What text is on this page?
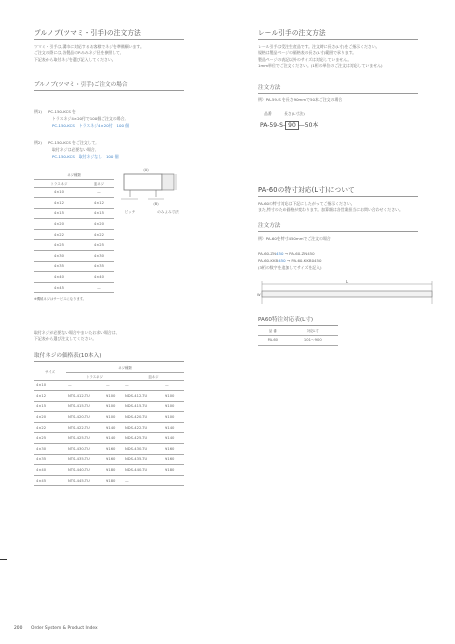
プルノブ(ツマミ・引手)の注文方法
ツマミ・引手は,溝巾に対応するお客様でネジを準備願います。
ご注文の際には,各製品のP.みみネジ径を参照して,
下記表から取付ネジを選び記入してください。
プルノブ(ツマミ・引手)ご注文の場合
例1) PC-150-KCS を
トラスネジ4×20付で100個ご注文の場合,
PC-150-KCS　トラスネジ4×20付　100 個
例2) PC-150-KCS をご注文して,
取付ネジは必要ない場合,
PC-150-KCS　取付ネジなし　100 個
ネジ種類	
トラスネジ	皿ネジ
4×10	—
4×12	4×12
4×15	4×15
4×20	4×20
4×22	4×22
4×25	4×25
4×30	4×30
4×35	4×35
4×40	4×40
4×45	—
※機械ネジはサービスになります。
(A)
(B)
ピッチ	のみよみ寸法
取付ネジが必要ない場合やまいたお求い場合は,
下記表から選び注文してください。
取付ネジの価格表(10本入)
サイズ	ネジ種類			
	トラスネジ		皿ネジ	
4×10	—	—	—	—
4×12	NTS-412-TU	¥100	NDS-412-TU	¥100
4×15	NTS-415-TU	¥100	NDS-415-TU	¥100
4×20	NTS-420-TU	¥100	NDS-420-TU	¥100
4×22	NTS-422-TU	¥140	NDS-422-TU	¥140
4×25	NTS-425-TU	¥140	NDS-425-TU	¥140
4×30	NTS-430-TU	¥160	NDS-430-TU	¥160
4×35	NTS-435-TU	¥160	NDS-435-TU	¥160
4×40	NTS-440-TU	¥180	NDS-440-TU	¥180
4×45	NTS-445-TU	¥180	—	
レール引手の注文方法
レール引手は受注生産品です。注文時に長さ(L寸)をご指示ください。
規格は製品ページの価格表の長さ(L寸)範囲で承ります。
製品ページの表記以外のサイズは対応していません。
1mm単位でご注文ください。(1桁の単位のご注文は対応していません)
注文方法
例）PA-59-S を長さ90mmで50本ご注文の場合
品番	長さ(L寸法)
PA-59-S- 90 —50本
PA-60の特寸対応(L寸)について
PA-60の特寸対応は下記にしたがってご指示ください。
また,特寸のため価格が変わります。加算額は各営業担当にお問い合わせください。
注文方法
例）PA-60を特寸450mmでご注文の場合
PA-60-ZN450 → PA-60-ZN450
PA-60-KKB450 → PA-60-KKB0450
(3桁の数字を追加してサイズを記入)
L
W
PA60特注対応表(L寸)
品 番	対応L寸
PA-60	101〜900
200 Order System & Product Index
